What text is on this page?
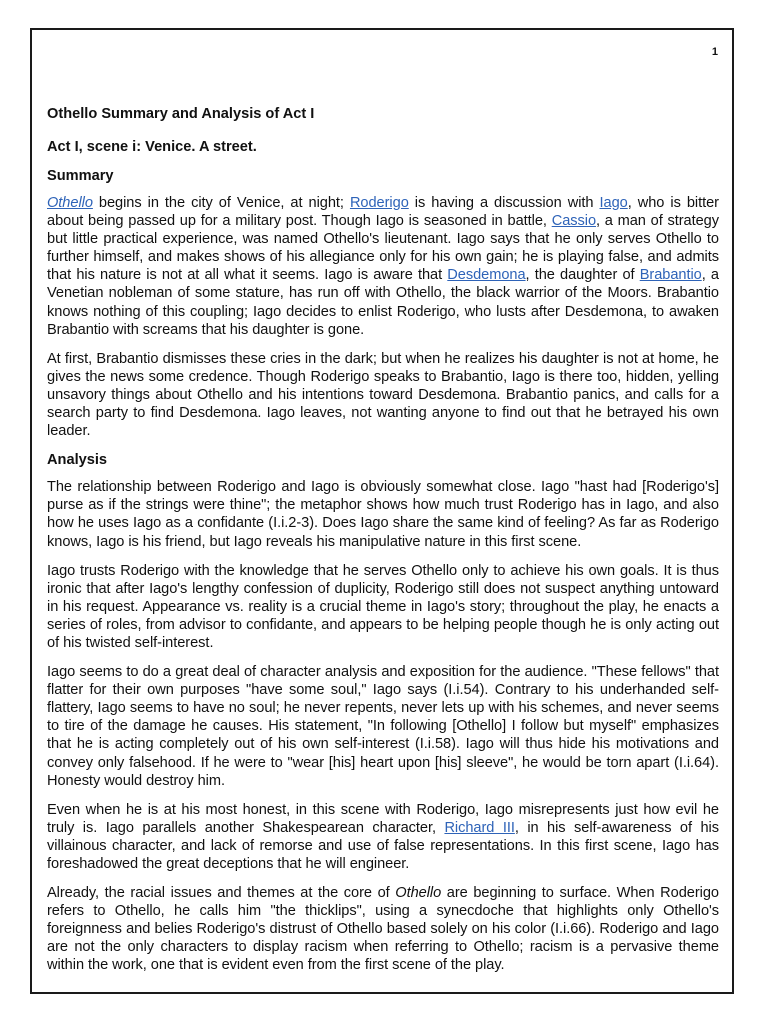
1
Othello Summary and Analysis of Act I
Act I, scene i: Venice. A street.
Summary

Othello begins in the city of Venice, at night; Roderigo is having a discussion with Iago, who is bitter about being passed up for a military post. Though Iago is seasoned in battle, Cassio, a man of strategy but little practical experience, was named Othello's lieutenant. Iago says that he only serves Othello to further himself, and makes shows of his allegiance only for his own gain; he is playing false, and admits that his nature is not at all what it seems. Iago is aware that Desdemona, the daughter of Brabantio, a Venetian nobleman of some stature, has run off with Othello, the black warrior of the Moors. Brabantio knows nothing of this coupling; Iago decides to enlist Roderigo, who lusts after Desdemona, to awaken Brabantio with screams that his daughter is gone.

At first, Brabantio dismisses these cries in the dark; but when he realizes his daughter is not at home, he gives the news some credence. Though Roderigo speaks to Brabantio, Iago is there too, hidden, yelling unsavory things about Othello and his intentions toward Desdemona. Brabantio panics, and calls for a search party to find Desdemona. Iago leaves, not wanting anyone to find out that he betrayed his own leader.

Analysis

The relationship between Roderigo and Iago is obviously somewhat close. Iago "hast had [Roderigo's] purse as if the strings were thine"; the metaphor shows how much trust Roderigo has in Iago, and also how he uses Iago as a confidante (I.i.2-3). Does Iago share the same kind of feeling? As far as Roderigo knows, Iago is his friend, but Iago reveals his manipulative nature in this first scene.

Iago trusts Roderigo with the knowledge that he serves Othello only to achieve his own goals. It is thus ironic that after Iago's lengthy confession of duplicity, Roderigo still does not suspect anything untoward in his request. Appearance vs. reality is a crucial theme in Iago's story; throughout the play, he enacts a series of roles, from advisor to confidante, and appears to be helping people though he is only acting out of his twisted self-interest.

Iago seems to do a great deal of character analysis and exposition for the audience. "These fellows" that flatter for their own purposes "have some soul," Iago says (I.i.54). Contrary to his underhanded self-flattery, Iago seems to have no soul; he never repents, never lets up with his schemes, and never seems to tire of the damage he causes. His statement, "In following [Othello] I follow but myself" emphasizes that he is acting completely out of his own self-interest (I.i.58). Iago will thus hide his motivations and convey only falsehood. If he were to "wear [his] heart upon [his] sleeve", he would be torn apart (I.i.64). Honesty would destroy him.

Even when he is at his most honest, in this scene with Roderigo, Iago misrepresents just how evil he truly is. Iago parallels another Shakespearean character, Richard III, in his self-awareness of his villainous character, and lack of remorse and use of false representations. In this first scene, Iago has foreshadowed the great deceptions that he will engineer.

Already, the racial issues and themes at the core of Othello are beginning to surface. When Roderigo refers to Othello, he calls him "the thicklips", using a synecdoche that highlights only Othello's foreignness and belies Roderigo's distrust of Othello based solely on his color (I.i.66). Roderigo and Iago are not the only characters to display racism when referring to Othello; racism is a pervasive theme within the work, one that is evident even from the first scene of the play.
